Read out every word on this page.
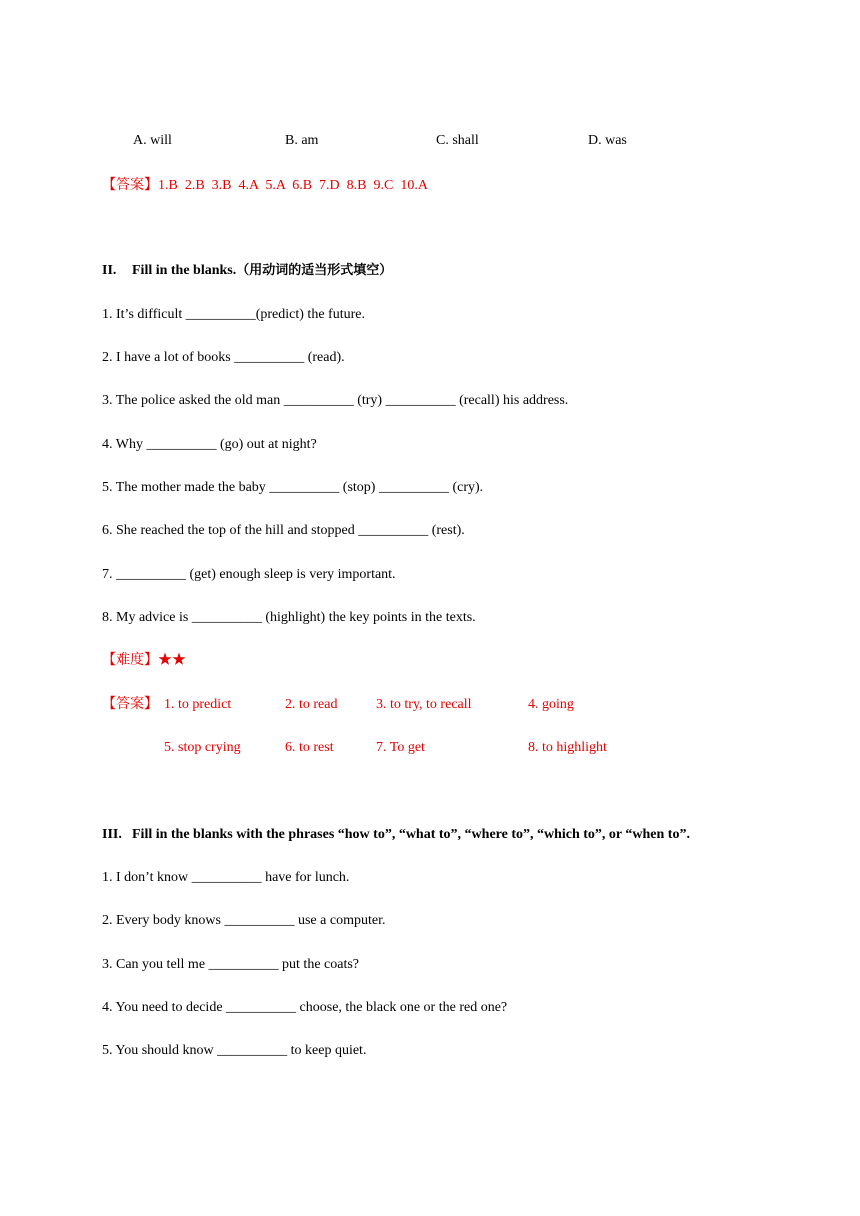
A. will	B. am	C. shall	D. was
【答案】1.B  2.B  3.B  4.A  5.A  6.B  7.D  8.B  9.C  10.A
II. Fill in the blanks.（用动词的适当形式填空）
1. It’s difficult __________(predict) the future.
2. I have a lot of books __________ (read).
3. The police asked the old man __________ (try) __________ (recall) his address.
4. Why __________ (go) out at night?
5. The mother made the baby __________ (stop) __________ (cry).
6. She reached the top of the hill and stopped __________ (rest).
7. __________ (get) enough sleep is very important.
8. My advice is __________ (highlight) the key points in the texts.
【难度】★★
【答案】 1. to predict	2. to read	3. to try, to recall	4. going
5. stop crying	6. to rest	7. To get	8. to highlight
III. Fill in the blanks with the phrases “how to”, “what to”, “where to”, “which to”, or “when to”.
1. I don’t know __________ have for lunch.
2. Every body knows __________ use a computer.
3. Can you tell me __________ put the coats?
4. You need to decide __________ choose, the black one or the red one?
5. You should know __________ to keep quiet.
